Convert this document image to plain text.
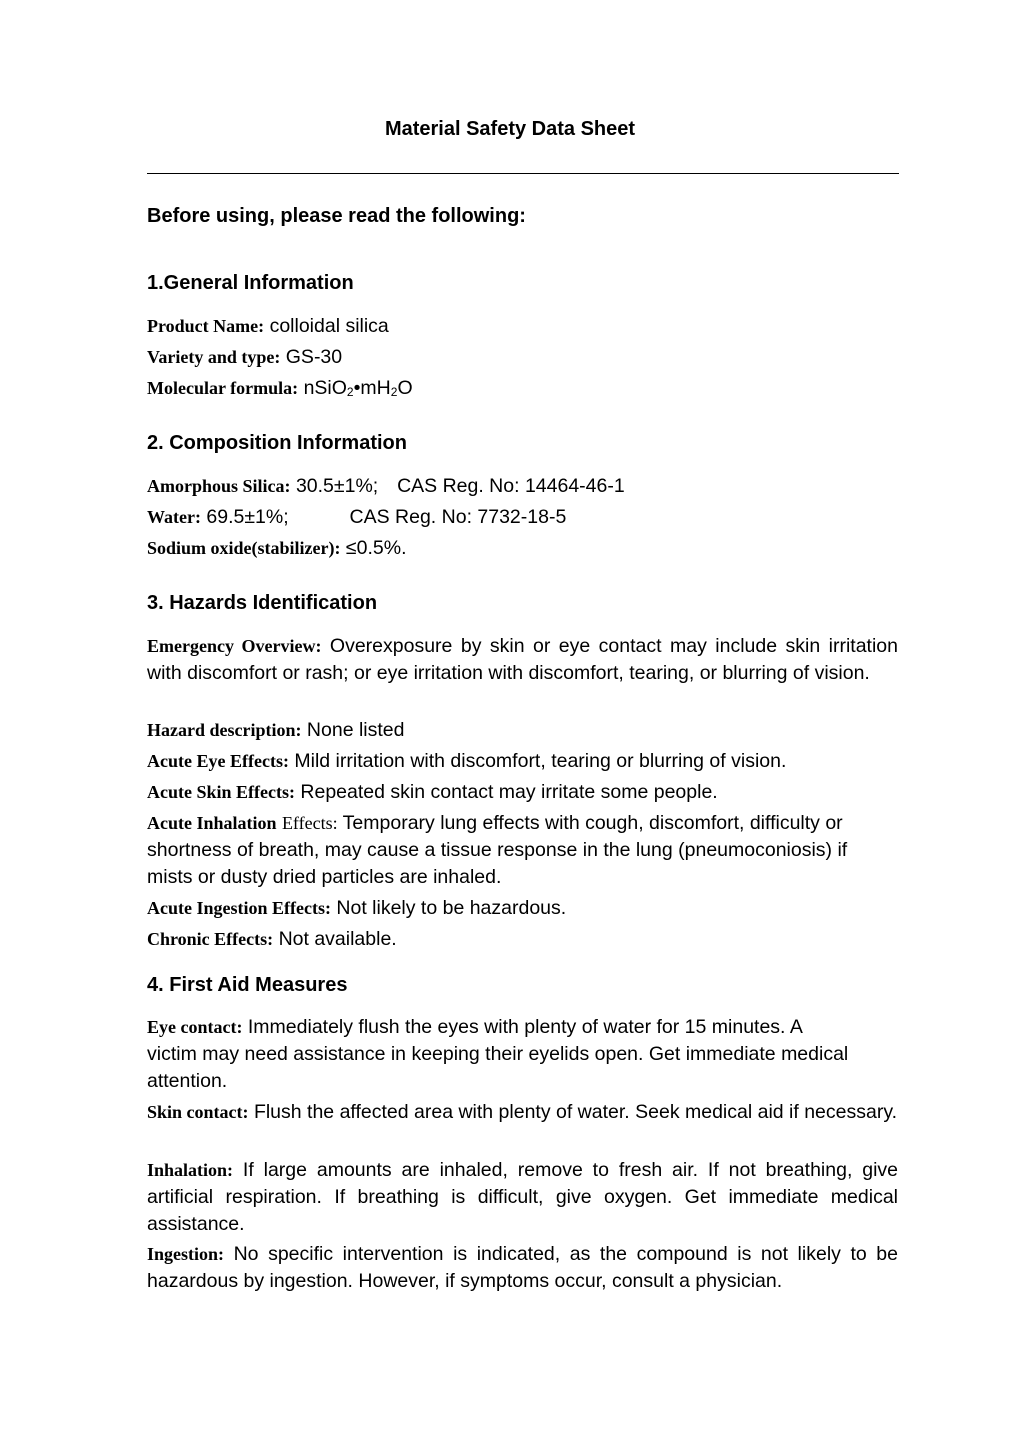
Material Safety Data Sheet
Before using, please read the following:
1.General Information
Product Name: colloidal silica
Variety and type: GS-30
Molecular formula: $nSiO_2•mH_2O$
2. Composition Information
Amorphous Silica: 30.5±1%; CAS Reg. No: 14464-46-1
Water: 69.5±1%;	CAS Reg. No: 7732-18-5
Sodium oxide(stabilizer): ≤0.5%.
3. Hazards Identification
Emergency Overview: Overexposure by skin or eye contact may include skin irritation with discomfort or rash; or eye irritation with discomfort, tearing, or blurring of vision.
Hazard description: None listed
Acute Eye Effects: Mild irritation with discomfort, tearing or blurring of vision.
Acute Skin Effects: Repeated skin contact may irritate some people.
Acute Inhalation Effects: Temporary lung effects with cough, discomfort, difficulty or shortness of breath, may cause a tissue response in the lung (pneumoconiosis) if mists or dusty dried particles are inhaled.
Acute Ingestion Effects: Not likely to be hazardous.
Chronic Effects: Not available.
4. First Aid Measures
Eye contact: Immediately flush the eyes with plenty of water for 15 minutes. A
victim may need assistance in keeping their eyelids open. Get immediate medical
attention.
Skin contact: Flush the affected area with plenty of water. Seek medical aid if necessary.
Inhalation: If large amounts are inhaled, remove to fresh air. If not breathing, give artificial respiration. If breathing is difficult, give oxygen. Get immediate medical assistance.
Ingestion: No specific intervention is indicated, as the compound is not likely to be hazardous by ingestion. However, if symptoms occur, consult a physician.
